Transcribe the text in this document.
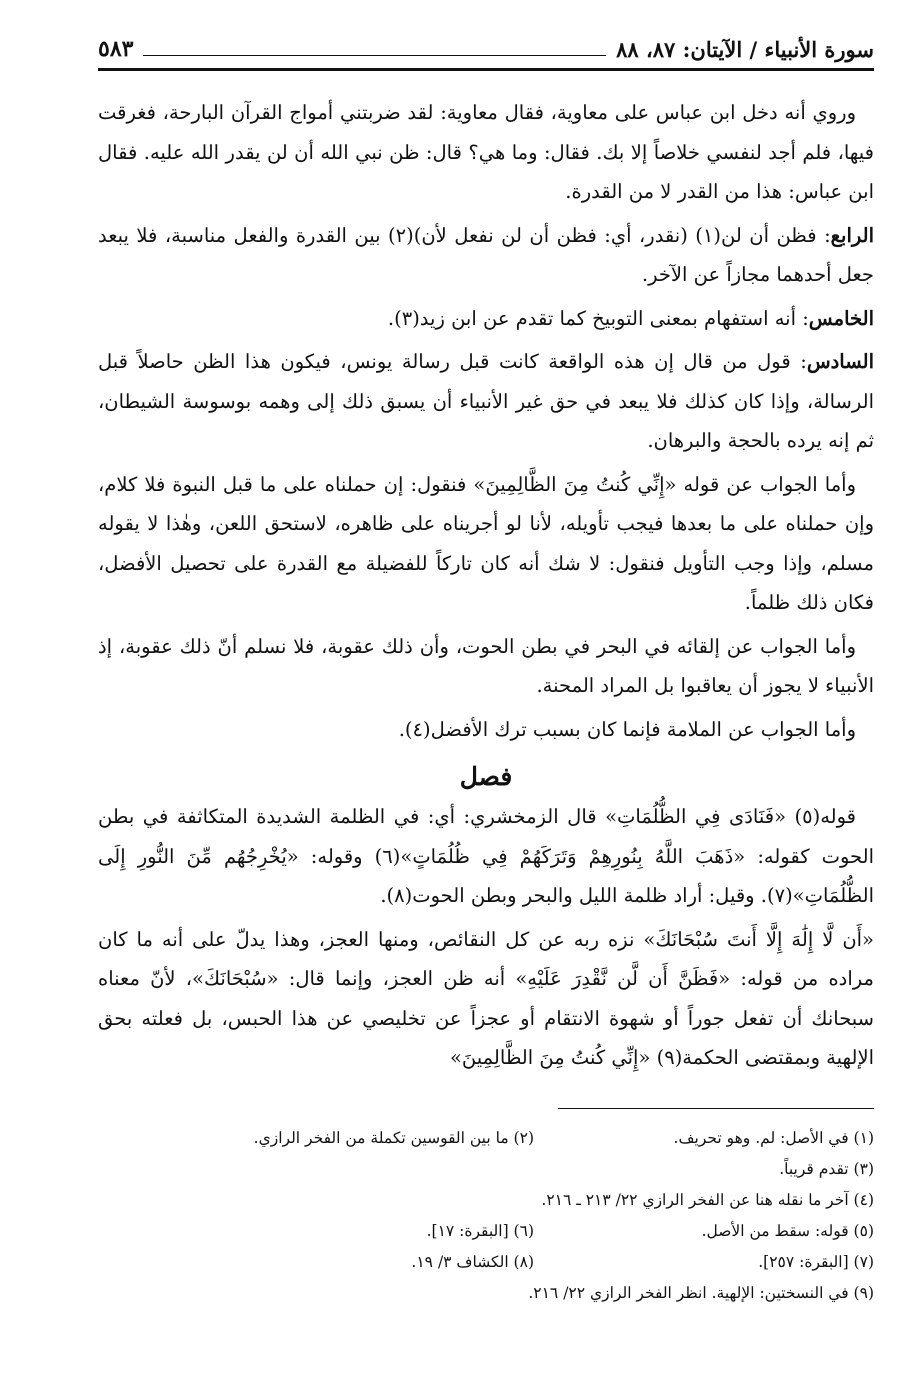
سورة الأنبياء / الآيتان: ٨٧، ٨٨
٥٨٣

وروي أنه دخل ابن عباس على معاوية، فقال معاوية: لقد ضربتني أمواج القرآن البارحة، فغرقت فيها، فلم أجد لنفسي خلاصاً إلا بك. فقال: وما هي؟ قال: ظن نبي الله أن لن يقدر الله عليه. فقال ابن عباس: هذا من القدر لا من القدرة.

الرابع: فظن أن لن(١) (نقدر، أي: فظن أن لن نفعل لأن)(٢) بين القدرة والفعل مناسبة، فلا يبعد جعل أحدهما مجازاً عن الآخر.

الخامس: أنه استفهام بمعنى التوبيخ كما تقدم عن ابن زيد(٣).

السادس: قول من قال إن هذه الواقعة كانت قبل رسالة يونس، فيكون هذا الظن حاصلاً قبل الرسالة، وإذا كان كذلك فلا يبعد في حق غير الأنبياء أن يسبق ذلك إلى وهمه بوسوسة الشيطان، ثم إنه يرده بالحجة والبرهان.

وأما الجواب عن قوله «إِنِّي كُنتُ مِنَ الظَّالِمِينَ» فنقول: إن حملناه على ما قبل النبوة فلا كلام، وإن حملناه على ما بعدها فيجب تأويله، لأنا لو أجريناه على ظاهره، لاستحق اللعن، وهٰذا لا يقوله مسلم، وإذا وجب التأويل فنقول: لا شك أنه كان تاركاً للفضيلة مع القدرة على تحصيل الأفضل، فكان ذلك ظلماً.

وأما الجواب عن إلقائه في البحر في بطن الحوت، وأن ذلك عقوبة، فلا نسلم أنّ ذلك عقوبة، إذ الأنبياء لا يجوز أن يعاقبوا بل المراد المحنة.

وأما الجواب عن الملامة فإنما كان بسبب ترك الأفضل(٤).

فصل

قوله(٥) «فَنَادَى فِي الظُّلُمَاتِ» قال الزمخشري: أي: في الظلمة الشديدة المتكاثفة في بطن الحوت كقوله: «ذَهَبَ اللَّهُ بِنُورِهِمْ وَتَرَكَهُمْ فِي ظُلُمَاتٍ»(٦) وقوله: «يُخْرِجُهُم مِّنَ النُّورِ إِلَى الظُّلُمَاتِ»(٧). وقيل: أراد ظلمة الليل والبحر وبطن الحوت(٨).

«أَن لَّا إِلَٰهَ إِلَّا أَنتَ سُبْحَانَكَ» نزه ربه عن كل النقائص، ومنها العجز، وهذا يدلّ على أنه ما كان مراده من قوله: «فَظَنَّ أَن لَّن نَّقْدِرَ عَلَيْهِ» أنه ظن العجز، وإنما قال: «سُبْحَانَكَ»، لأنّ معناه سبحانك أن تفعل جوراً أو شهوة الانتقام أو عجزاً عن تخليصي عن هذا الحبس، بل فعلته بحق الإلهية وبمقتضى الحكمة(٩) «إِنِّي كُنتُ مِنَ الظَّالِمِينَ»

(١) في الأصل: لم. وهو تحريف.
(٢) ما بين القوسين تكملة من الفخر الرازي.
(٣) تقدم قريباً.
(٤) آخر ما نقله هنا عن الفخر الرازي ٢٢/ ٢١٣ ـ ٢١٦.
(٥) قوله: سقط من الأصل.
(٦) [البقرة: ١٧].
(٧) [البقرة: ٢٥٧].
(٨) الكشاف ٣/ ١٩.
(٩) في النسختين: الإلهية. انظر الفخر الرازي ٢٢/ ٢١٦.
